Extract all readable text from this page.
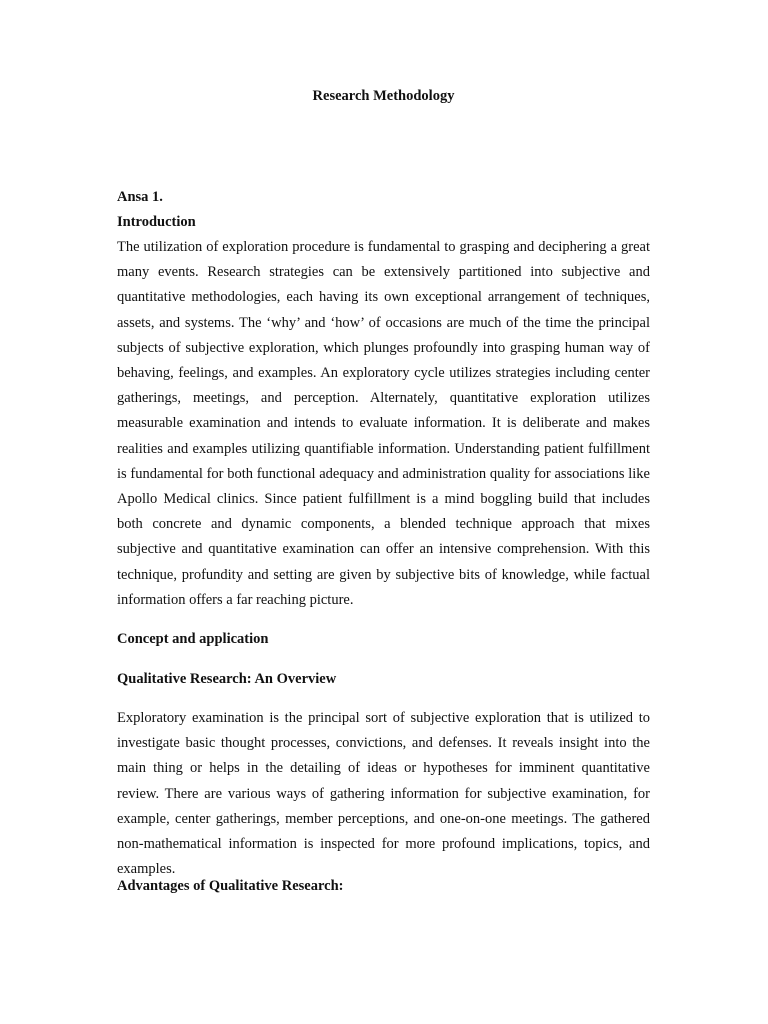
Research Methodology

Ansa 1.

Introduction

The utilization of exploration procedure is fundamental to grasping and deciphering a great many events. Research strategies can be extensively partitioned into subjective and quantitative methodologies, each having its own exceptional arrangement of techniques, assets, and systems. The ‘why’ and ‘how’ of occasions are much of the time the principal subjects of subjective exploration, which plunges profoundly into grasping human way of behaving, feelings, and examples. An exploratory cycle utilizes strategies including center gatherings, meetings, and perception. Alternately, quantitative exploration utilizes measurable examination and intends to evaluate information. It is deliberate and makes realities and examples utilizing quantifiable information. Understanding patient fulfillment is fundamental for both functional adequacy and administration quality for associations like Apollo Medical clinics. Since patient fulfillment is a mind boggling build that includes both concrete and dynamic components, a blended technique approach that mixes subjective and quantitative examination can offer an intensive comprehension. With this technique, profundity and setting are given by subjective bits of knowledge, while factual information offers a far reaching picture.

Concept and application

Qualitative Research: An Overview

Exploratory examination is the principal sort of subjective exploration that is utilized to investigate basic thought processes, convictions, and defenses. It reveals insight into the main thing or helps in the detailing of ideas or hypotheses for imminent quantitative review. There are various ways of gathering information for subjective examination, for example, center gatherings, member perceptions, and one-on-one meetings. The gathered non-mathematical information is inspected for more profound implications, topics, and examples.

Advantages of Qualitative Research:
